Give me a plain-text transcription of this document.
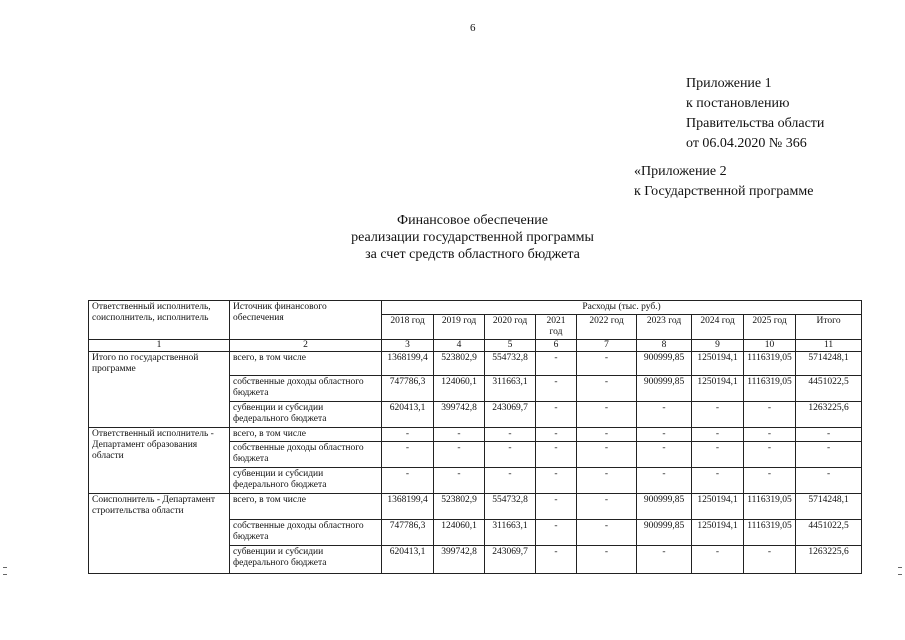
6
Приложение 1
к постановлению
Правительства области
от 06.04.2020 № 366
«Приложение 2
к Государственной программе
Финансовое обеспечение
реализации государственной программы
за счет средств областного бюджета
Ответственный исполнитель, соисполнитель, исполнитель	Источник финансового обеспечения	Расходы (тыс. руб.)								
		2018 год	2019 год	2020 год	2021 год	2022 год	2023 год	2024 год	2025 год	Итого
1	2	3	4	5	6	7	8	9	10	11
Итого по государственной программе	всего, в том числе	1368199,4	523802,9	554732,8	-	-	900999,85	1250194,1	1116319,05	5714248,1
	собственные доходы областного бюджета	747786,3	124060,1	311663,1	-	-	900999,85	1250194,1	1116319,05	4451022,5
	субвенции и субсидии федерального бюджета	620413,1	399742,8	243069,7	-	-	-	-	-	1263225,6
Ответственный исполнитель - Департамент образования области	всего, в том числе	-	-	-	-	-	-	-	-	-
	собственные доходы областного бюджета	-	-	-	-	-	-	-	-	-
	субвенции и субсидии федерального бюджета	-	-	-	-	-	-	-	-	-
Соисполнитель - Департамент строительства области	всего, в том числе	1368199,4	523802,9	554732,8	-	-	900999,85	1250194,1	1116319,05	5714248,1
	собственные доходы областного бюджета	747786,3	124060,1	311663,1	-	-	900999,85	1250194,1	1116319,05	4451022,5
	субвенции и субсидии федерального бюджета	620413,1	399742,8	243069,7	-	-	-	-	-	1263225,6
